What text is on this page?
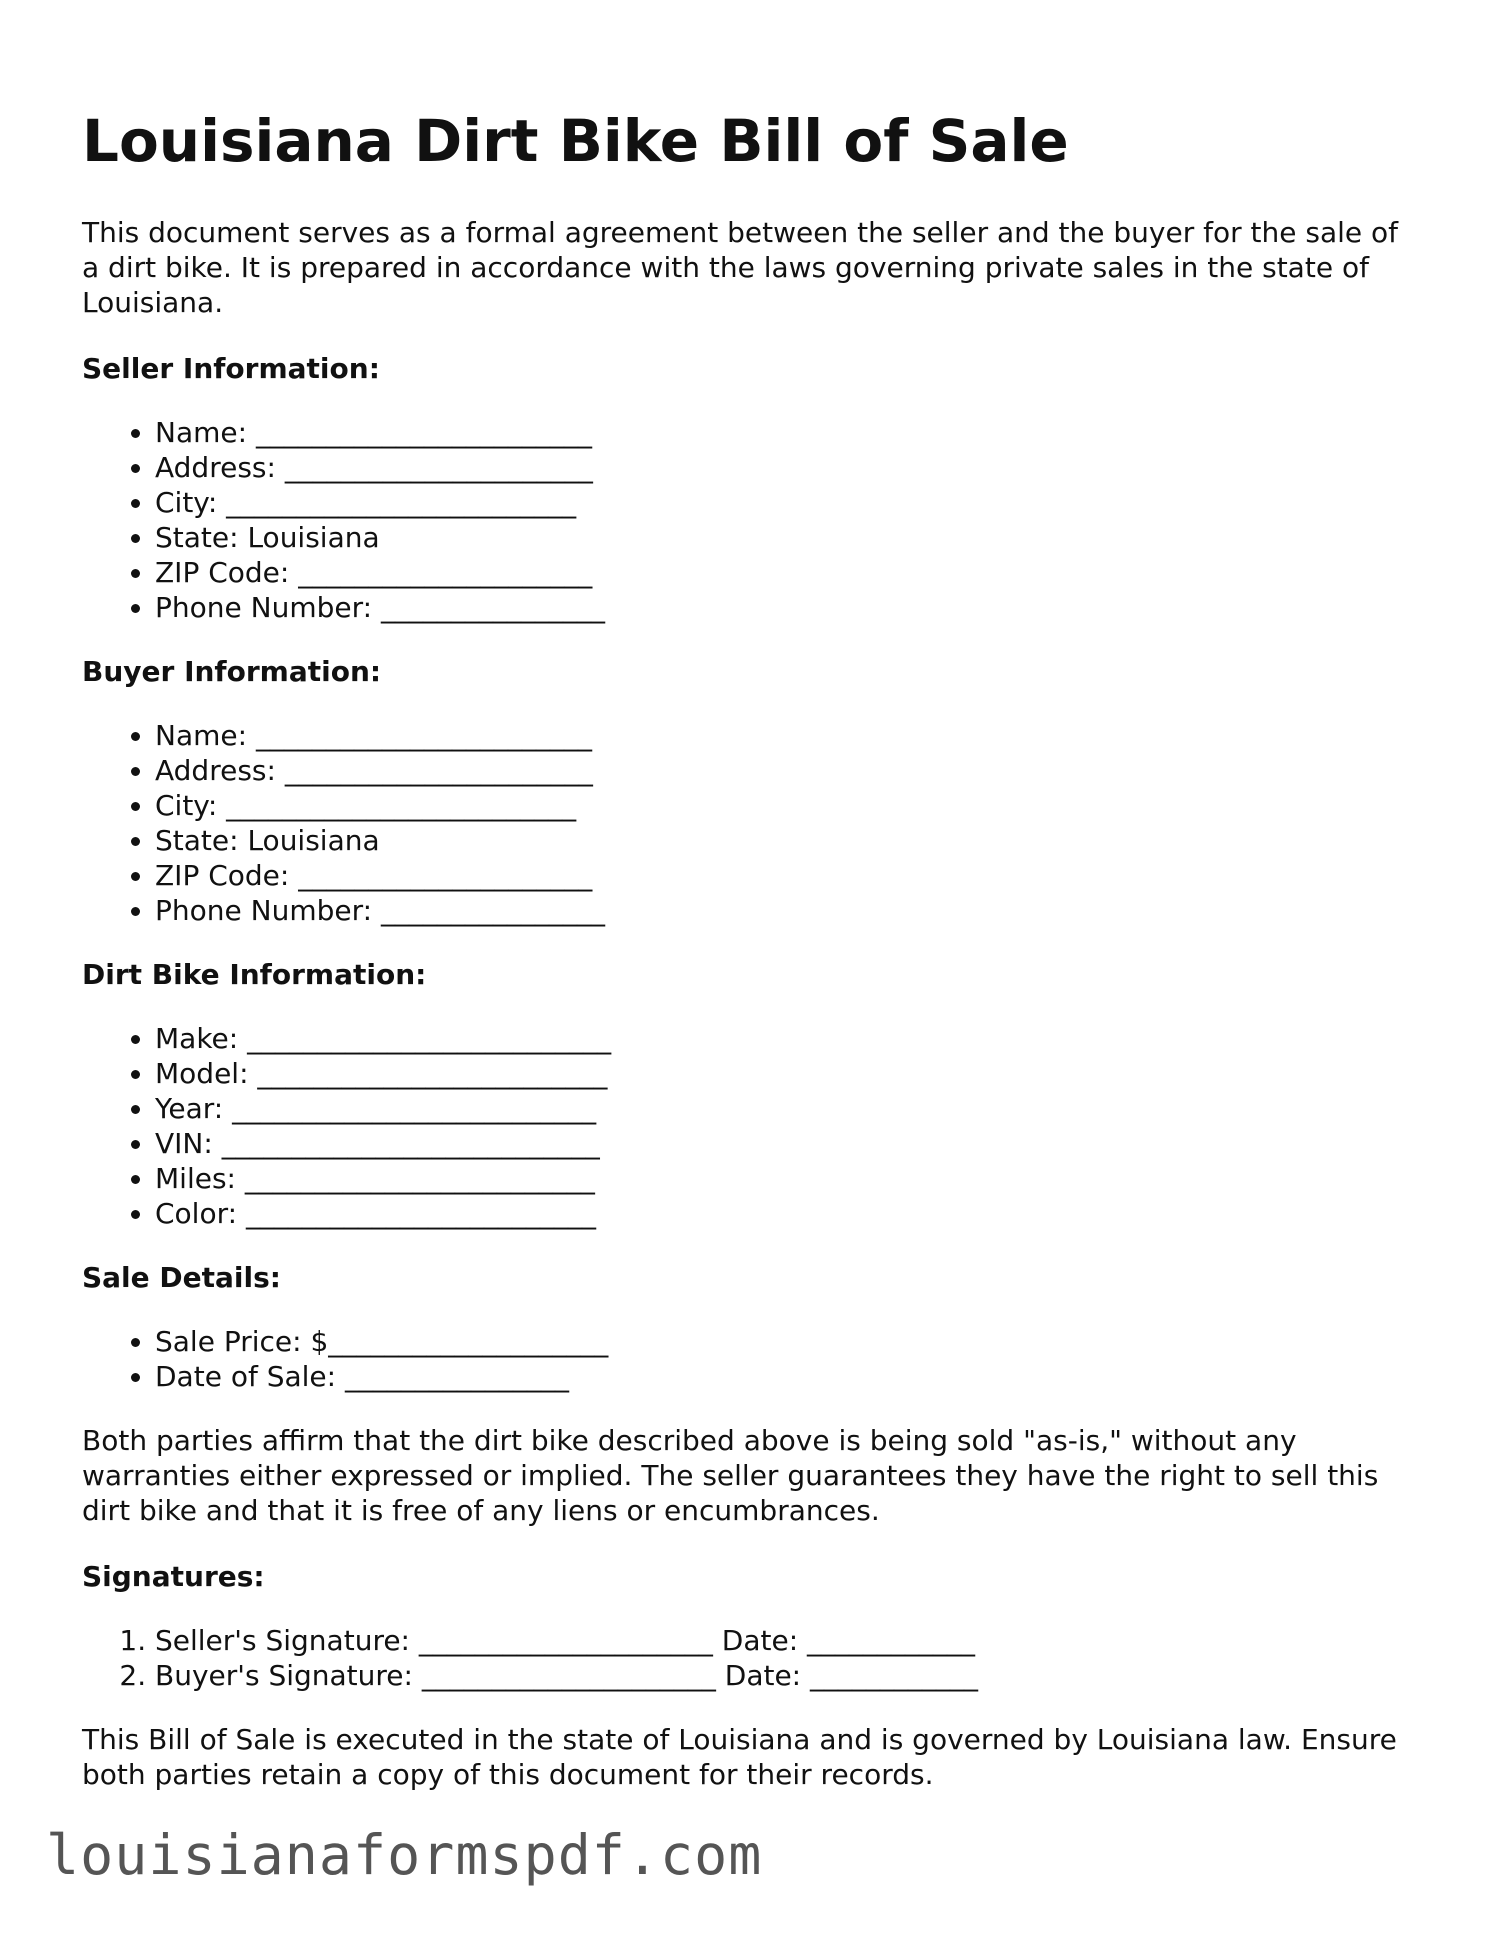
Louisiana Dirt Bike Bill of Sale

This document serves as a formal agreement between the seller and the buyer for the sale of a dirt bike. It is prepared in accordance with the laws governing private sales in the state of Louisiana.

Seller Information:
• Name: ________________________
• Address: ______________________
• City: _________________________
• State: Louisiana
• ZIP Code: _____________________
• Phone Number: ________________
Buyer Information:
• Name: ________________________
• Address: ______________________
• City: _________________________
• State: Louisiana
• ZIP Code: _____________________
• Phone Number: ________________
Dirt Bike Information:
• Make: __________________________
• Model: _________________________
• Year: __________________________
• VIN: ___________________________
• Miles: _________________________
• Color: _________________________
Sale Details:
• Sale Price: $____________________
• Date of Sale: ________________

Both parties affirm that the dirt bike described above is being sold "as-is," without any warranties either expressed or implied. The seller guarantees they have the right to sell this dirt bike and that it is free of any liens or encumbrances.

Signatures:
1. Seller's Signature: _____________________ Date: ____________
2. Buyer's Signature: _____________________ Date: ____________

This Bill of Sale is executed in the state of Louisiana and is governed by Louisiana law. Ensure both parties retain a copy of this document for their records.

louisianaformspdf.com
